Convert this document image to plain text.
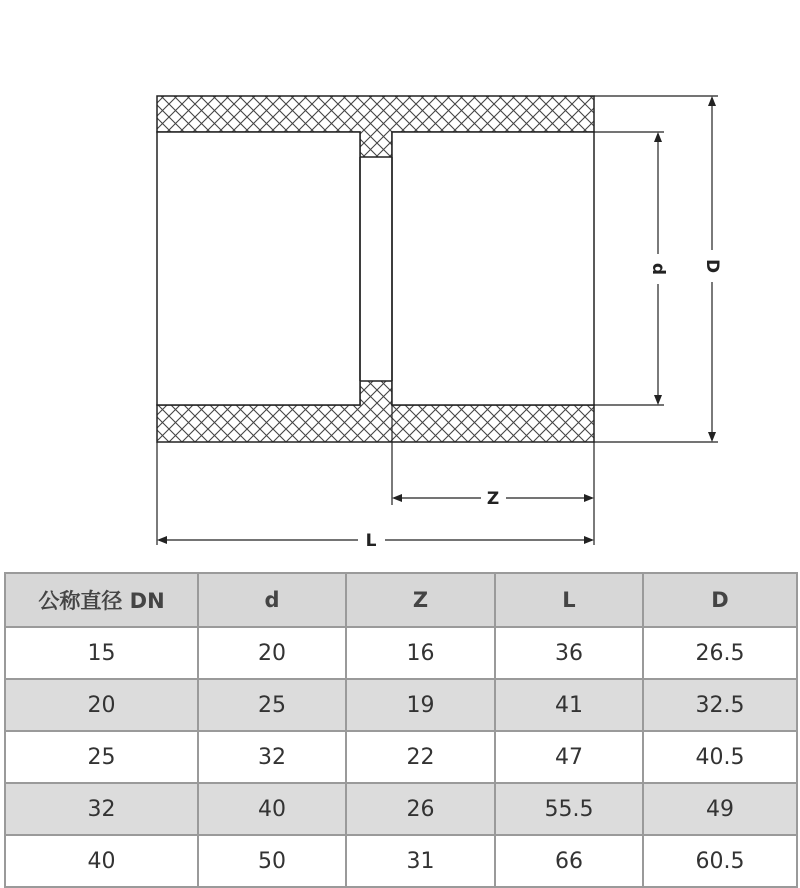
D
d
Z
L
公称直径 DN	d	Z	L	D
15	20	16	36	26.5
20	25	19	41	32.5
25	32	22	47	40.5
32	40	26	55.5	49
40	50	31	66	60.5
